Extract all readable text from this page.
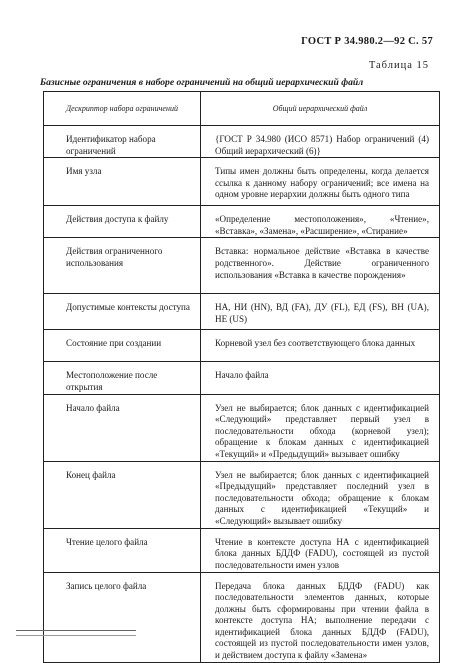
ГОСТ Р 34.980.2—92 С. 57
Таблица 15
Базисные ограничения в наборе ограничений на общий иерархический файл
Дескриптор набора ограничений	Общий иерархический файл
Идентификатор набора ограничений	{ГОСТ Р 34.980 (ИСО 8571) Набор ограничений (4) Общий иерархический (6)}
Имя узла	Типы имен должны быть определены, когда делается ссылка к данному набору ограничений; все имена на одном уровне иерархии должны быть одного типа
Действия доступа к файлу	«Определение местоположения», «Чтение», «Вставка», «Замена», «Расширение», «Стирание»
Действия ограниченного использования	Вставка: нормальное действие «Вставка в качестве родственного». Действие ограниченного использования «Вставка в качестве порождения»
Допустимые контексты доступа	НА, НИ (HN), ВД (FA), ДУ (FL), ЕД (FS), ВН (UA), НЕ (US)
Состояние при создании	Корневой узел без соответствующего блока данных
Местоположение после открытия	Начало файла
Начало файла	Узел не выбирается; блок данных с идентификацией «Следующий» представляет первый узел в последовательности обхода (корневой узел); обращение к блокам данных с идентификацией «Текущий» и «Предыдущий» вызывает ошибку
Конец файла	Узел не выбирается; блок данных с идентификацией «Предыдущий» представляет последний узел в последовательности обхода; обращение к блокам данных с идентификацией «Текущий» и «Следующий» вызывает ошибку
Чтение целого файла	Чтение в контексте доступа НА с идентификацией блока данных БДДФ (FADU), состоящей из пустой последовательности имен узлов
Запись целого файла	Передача блока данных БДДФ (FADU) как последовательности элементов данных, которые должны быть сформированы при чтении файла в контексте доступа НА; выполнение передачи с идентификацией блока данных БДДФ (FADU), состоящей из пустой последовательности имен узлов, и действием доступа к файлу «Замена»
